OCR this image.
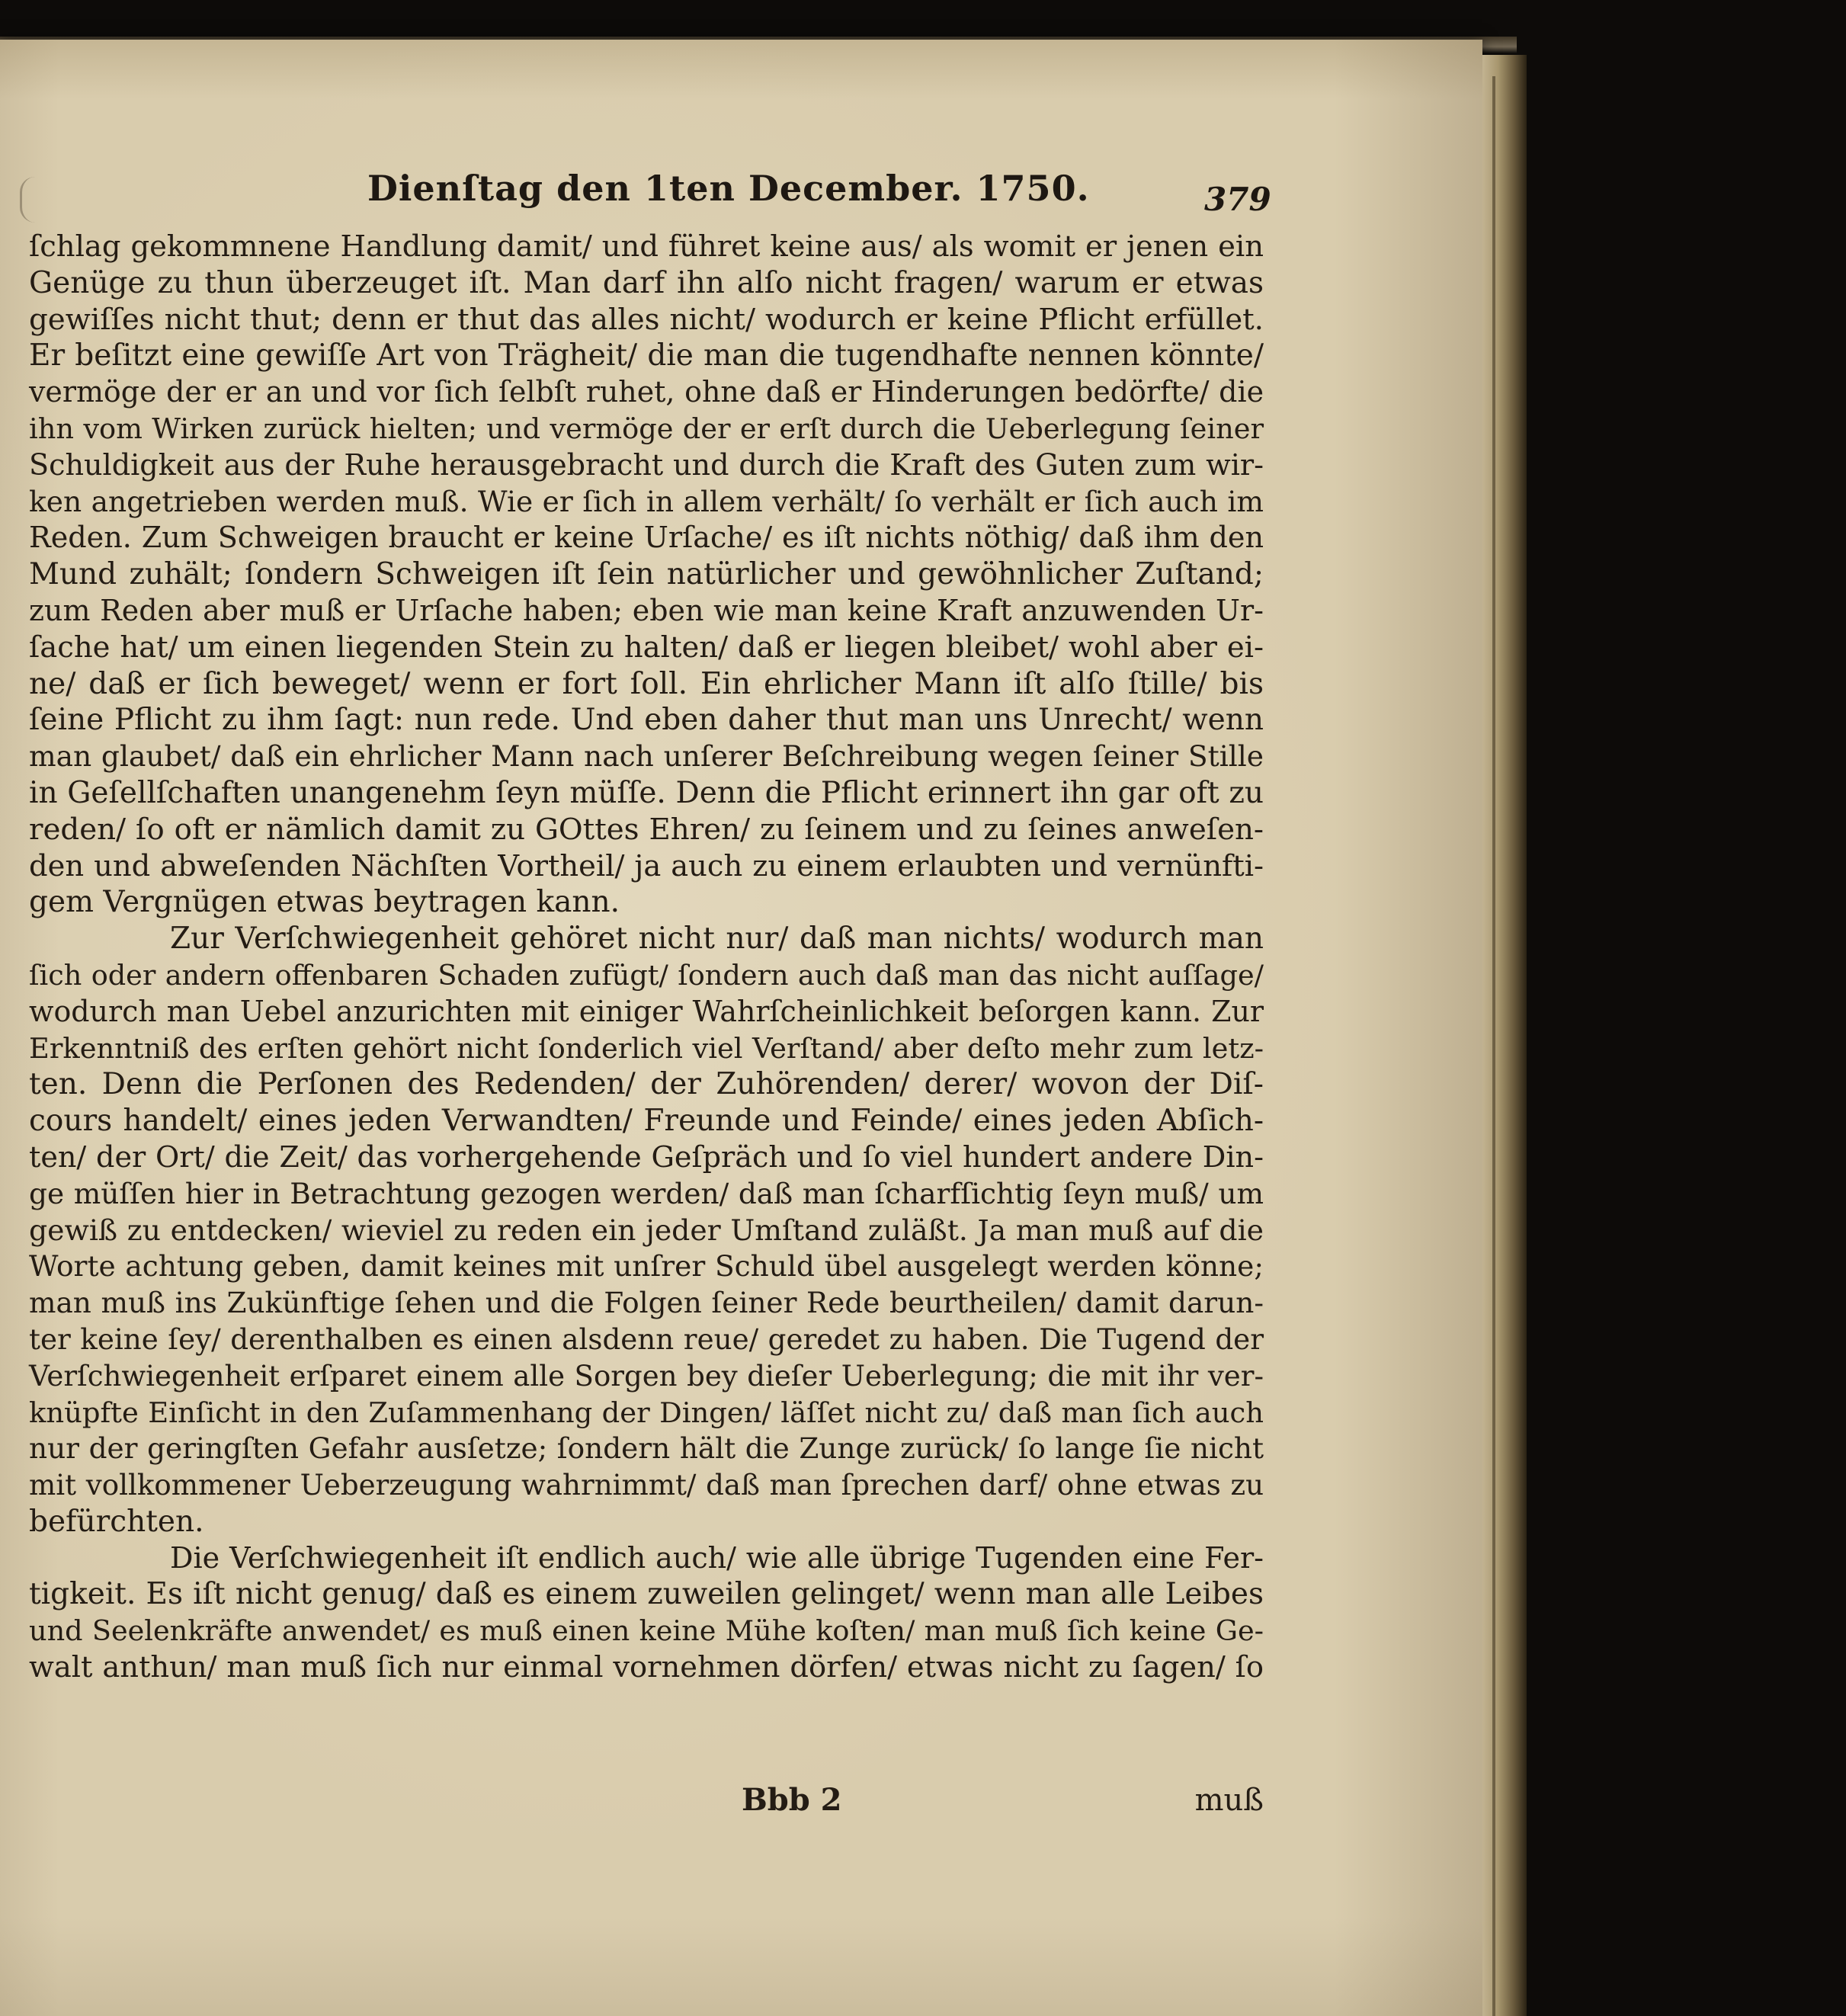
Dienſtag den 1ten December. 1750.	379
ſchlag gekommnene Handlung damit/ und führet keine aus/ als womit er jenen ein
Genüge zu thun überzeuget iſt. Man darf ihn alſo nicht fragen/ warum er etwas
gewiſſes nicht thut; denn er thut das alles nicht/ wodurch er keine Pflicht erfüllet.
Er beſitzt eine gewiſſe Art von Trägheit/ die man die tugendhafte nennen könnte/
vermöge der er an und vor ſich ſelbſt ruhet, ohne daß er Hinderungen bedörfte/ die
ihn vom Wirken zurück hielten; und vermöge der er erſt durch die Ueberlegung ſeiner
Schuldigkeit aus der Ruhe herausgebracht und durch die Kraft des Guten zum wir-
ken angetrieben werden muß. Wie er ſich in allem verhält/ ſo verhält er ſich auch im
Reden. Zum Schweigen braucht er keine Urſache/ es iſt nichts nöthig/ daß ihm den
Mund zuhält; ſondern Schweigen iſt ſein natürlicher und gewöhnlicher Zuſtand;
zum Reden aber muß er Urſache haben; eben wie man keine Kraft anzuwenden Ur-
ſache hat/ um einen liegenden Stein zu halten/ daß er liegen bleibet/ wohl aber ei-
ne/ daß er ſich beweget/ wenn er fort ſoll. Ein ehrlicher Mann iſt alſo ſtille/ bis
ſeine Pflicht zu ihm ſagt: nun rede. Und eben daher thut man uns Unrecht/ wenn
man glaubet/ daß ein ehrlicher Mann nach unſerer Beſchreibung wegen ſeiner Stille
in Geſellſchaften unangenehm ſeyn müſſe. Denn die Pflicht erinnert ihn gar oft zu
reden/ ſo oft er nämlich damit zu GOttes Ehren/ zu ſeinem und zu ſeines anweſen-
den und abweſenden Nächſten Vortheil/ ja auch zu einem erlaubten und vernünfti-
gem Vergnügen etwas beytragen kann.
Zur Verſchwiegenheit gehöret nicht nur/ daß man nichts/ wodurch man
ſich oder andern offenbaren Schaden zufügt/ ſondern auch daß man das nicht auſſage/
wodurch man Uebel anzurichten mit einiger Wahrſcheinlichkeit beſorgen kann. Zur
Erkenntniß des erſten gehört nicht ſonderlich viel Verſtand/ aber deſto mehr zum letz-
ten. Denn die Perſonen des Redenden/ der Zuhörenden/ derer/ wovon der Diſ-
cours handelt/ eines jeden Verwandten/ Freunde und Feinde/ eines jeden Abſich-
ten/ der Ort/ die Zeit/ das vorhergehende Geſpräch und ſo viel hundert andere Din-
ge müſſen hier in Betrachtung gezogen werden/ daß man ſcharfſichtig ſeyn muß/ um
gewiß zu entdecken/ wieviel zu reden ein jeder Umſtand zuläßt. Ja man muß auf die
Worte achtung geben, damit keines mit unſrer Schuld übel ausgelegt werden könne;
man muß ins Zukünftige ſehen und die Folgen ſeiner Rede beurtheilen/ damit darun-
ter keine ſey/ derenthalben es einen alsdenn reue/ geredet zu haben. Die Tugend der
Verſchwiegenheit erſparet einem alle Sorgen bey dieſer Ueberlegung; die mit ihr ver-
knüpfte Einſicht in den Zuſammenhang der Dingen/ läſſet nicht zu/ daß man ſich auch
nur der geringſten Gefahr ausſetze; ſondern hält die Zunge zurück/ ſo lange ſie nicht
mit vollkommener Ueberzeugung wahrnimmt/ daß man ſprechen darf/ ohne etwas zu
befürchten.
Die Verſchwiegenheit iſt endlich auch/ wie alle übrige Tugenden eine Fer-
tigkeit. Es iſt nicht genug/ daß es einem zuweilen gelinget/ wenn man alle Leibes
und Seelenkräfte anwendet/ es muß einen keine Mühe koſten/ man muß ſich keine Ge-
walt anthun/ man muß ſich nur einmal vornehmen dörfen/ etwas nicht zu ſagen/ ſo
Bbb 2	muß
